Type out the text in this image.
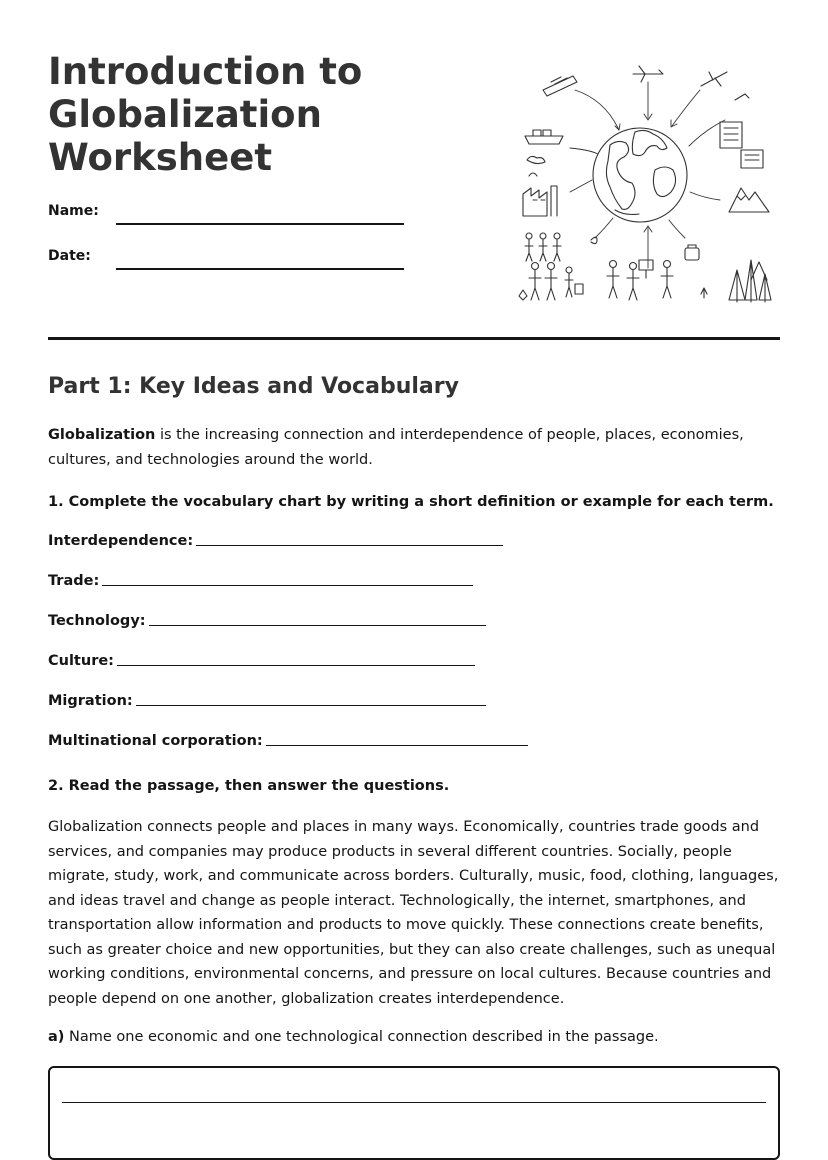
Introduction to Globalization Worksheet
Name:
Date:
Part 1: Key Ideas and Vocabulary

Globalization is the increasing connection and interdependence of people, places, economies, cultures, and technologies around the world.

1. Complete the vocabulary chart by writing a short definition or example for each term.

Interdependence:
Trade:
Technology:
Culture:
Migration:
Multinational corporation:

2. Read the passage, then answer the questions.

Globalization connects people and places in many ways. Economically, countries trade goods and services, and companies may produce products in several different countries. Socially, people migrate, study, work, and communicate across borders. Culturally, music, food, clothing, languages, and ideas travel and change as people interact. Technologically, the internet, smartphones, and transportation allow information and products to move quickly. These connections create benefits, such as greater choice and new opportunities, but they can also create challenges, such as unequal working conditions, environmental concerns, and pressure on local cultures. Because countries and people depend on one another, globalization creates interdependence.

a) Name one economic and one technological connection described in the passage.
